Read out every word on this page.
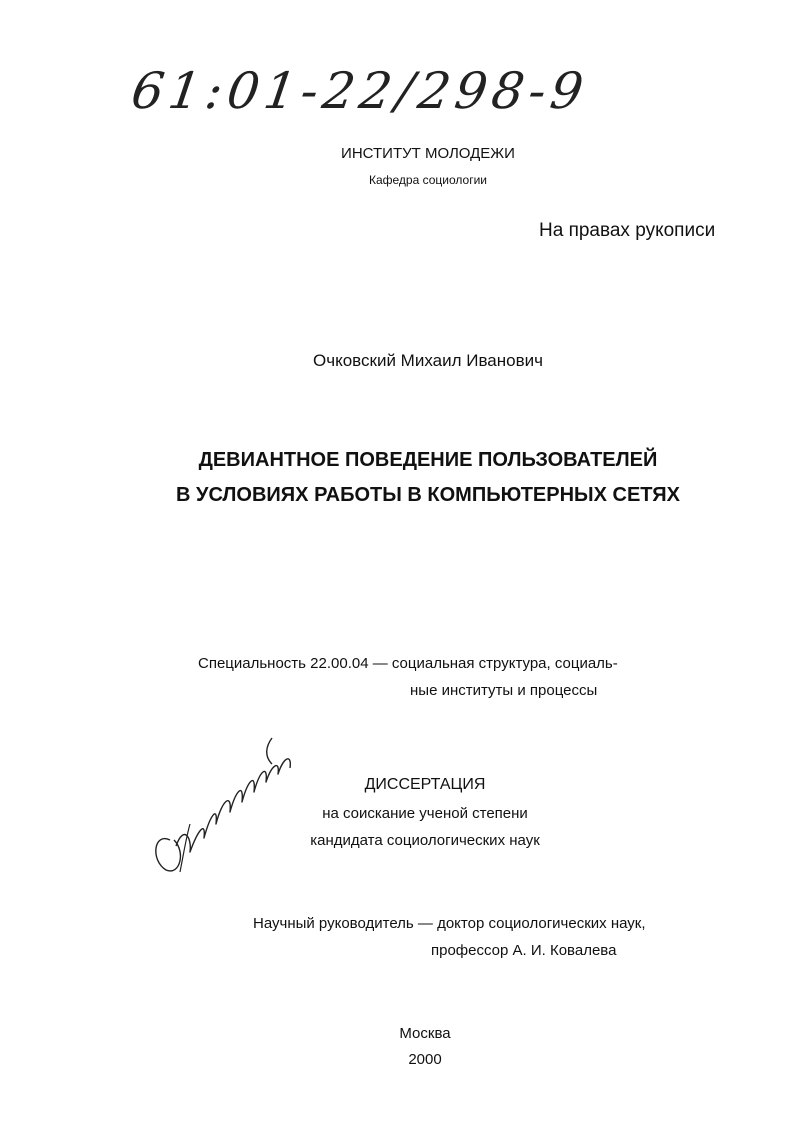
61:01-22/298-9
ИНСТИТУТ МОЛОДЕЖИ
Кафедра социологии
На правах рукописи
Очковский Михаил Иванович
ДЕВИАНТНОЕ ПОВЕДЕНИЕ ПОЛЬЗОВАТЕЛЕЙ
В УСЛОВИЯХ РАБОТЫ В КОМПЬЮТЕРНЫХ СЕТЯХ
Специальность 22.00.04 — социальная структура, социаль-
ные институты и процессы
ДИССЕРТАЦИЯ
на соискание ученой степени
кандидата социологических наук
Научный руководитель — доктор социологических наук,
профессор А. И. Ковалева
Москва
2000
